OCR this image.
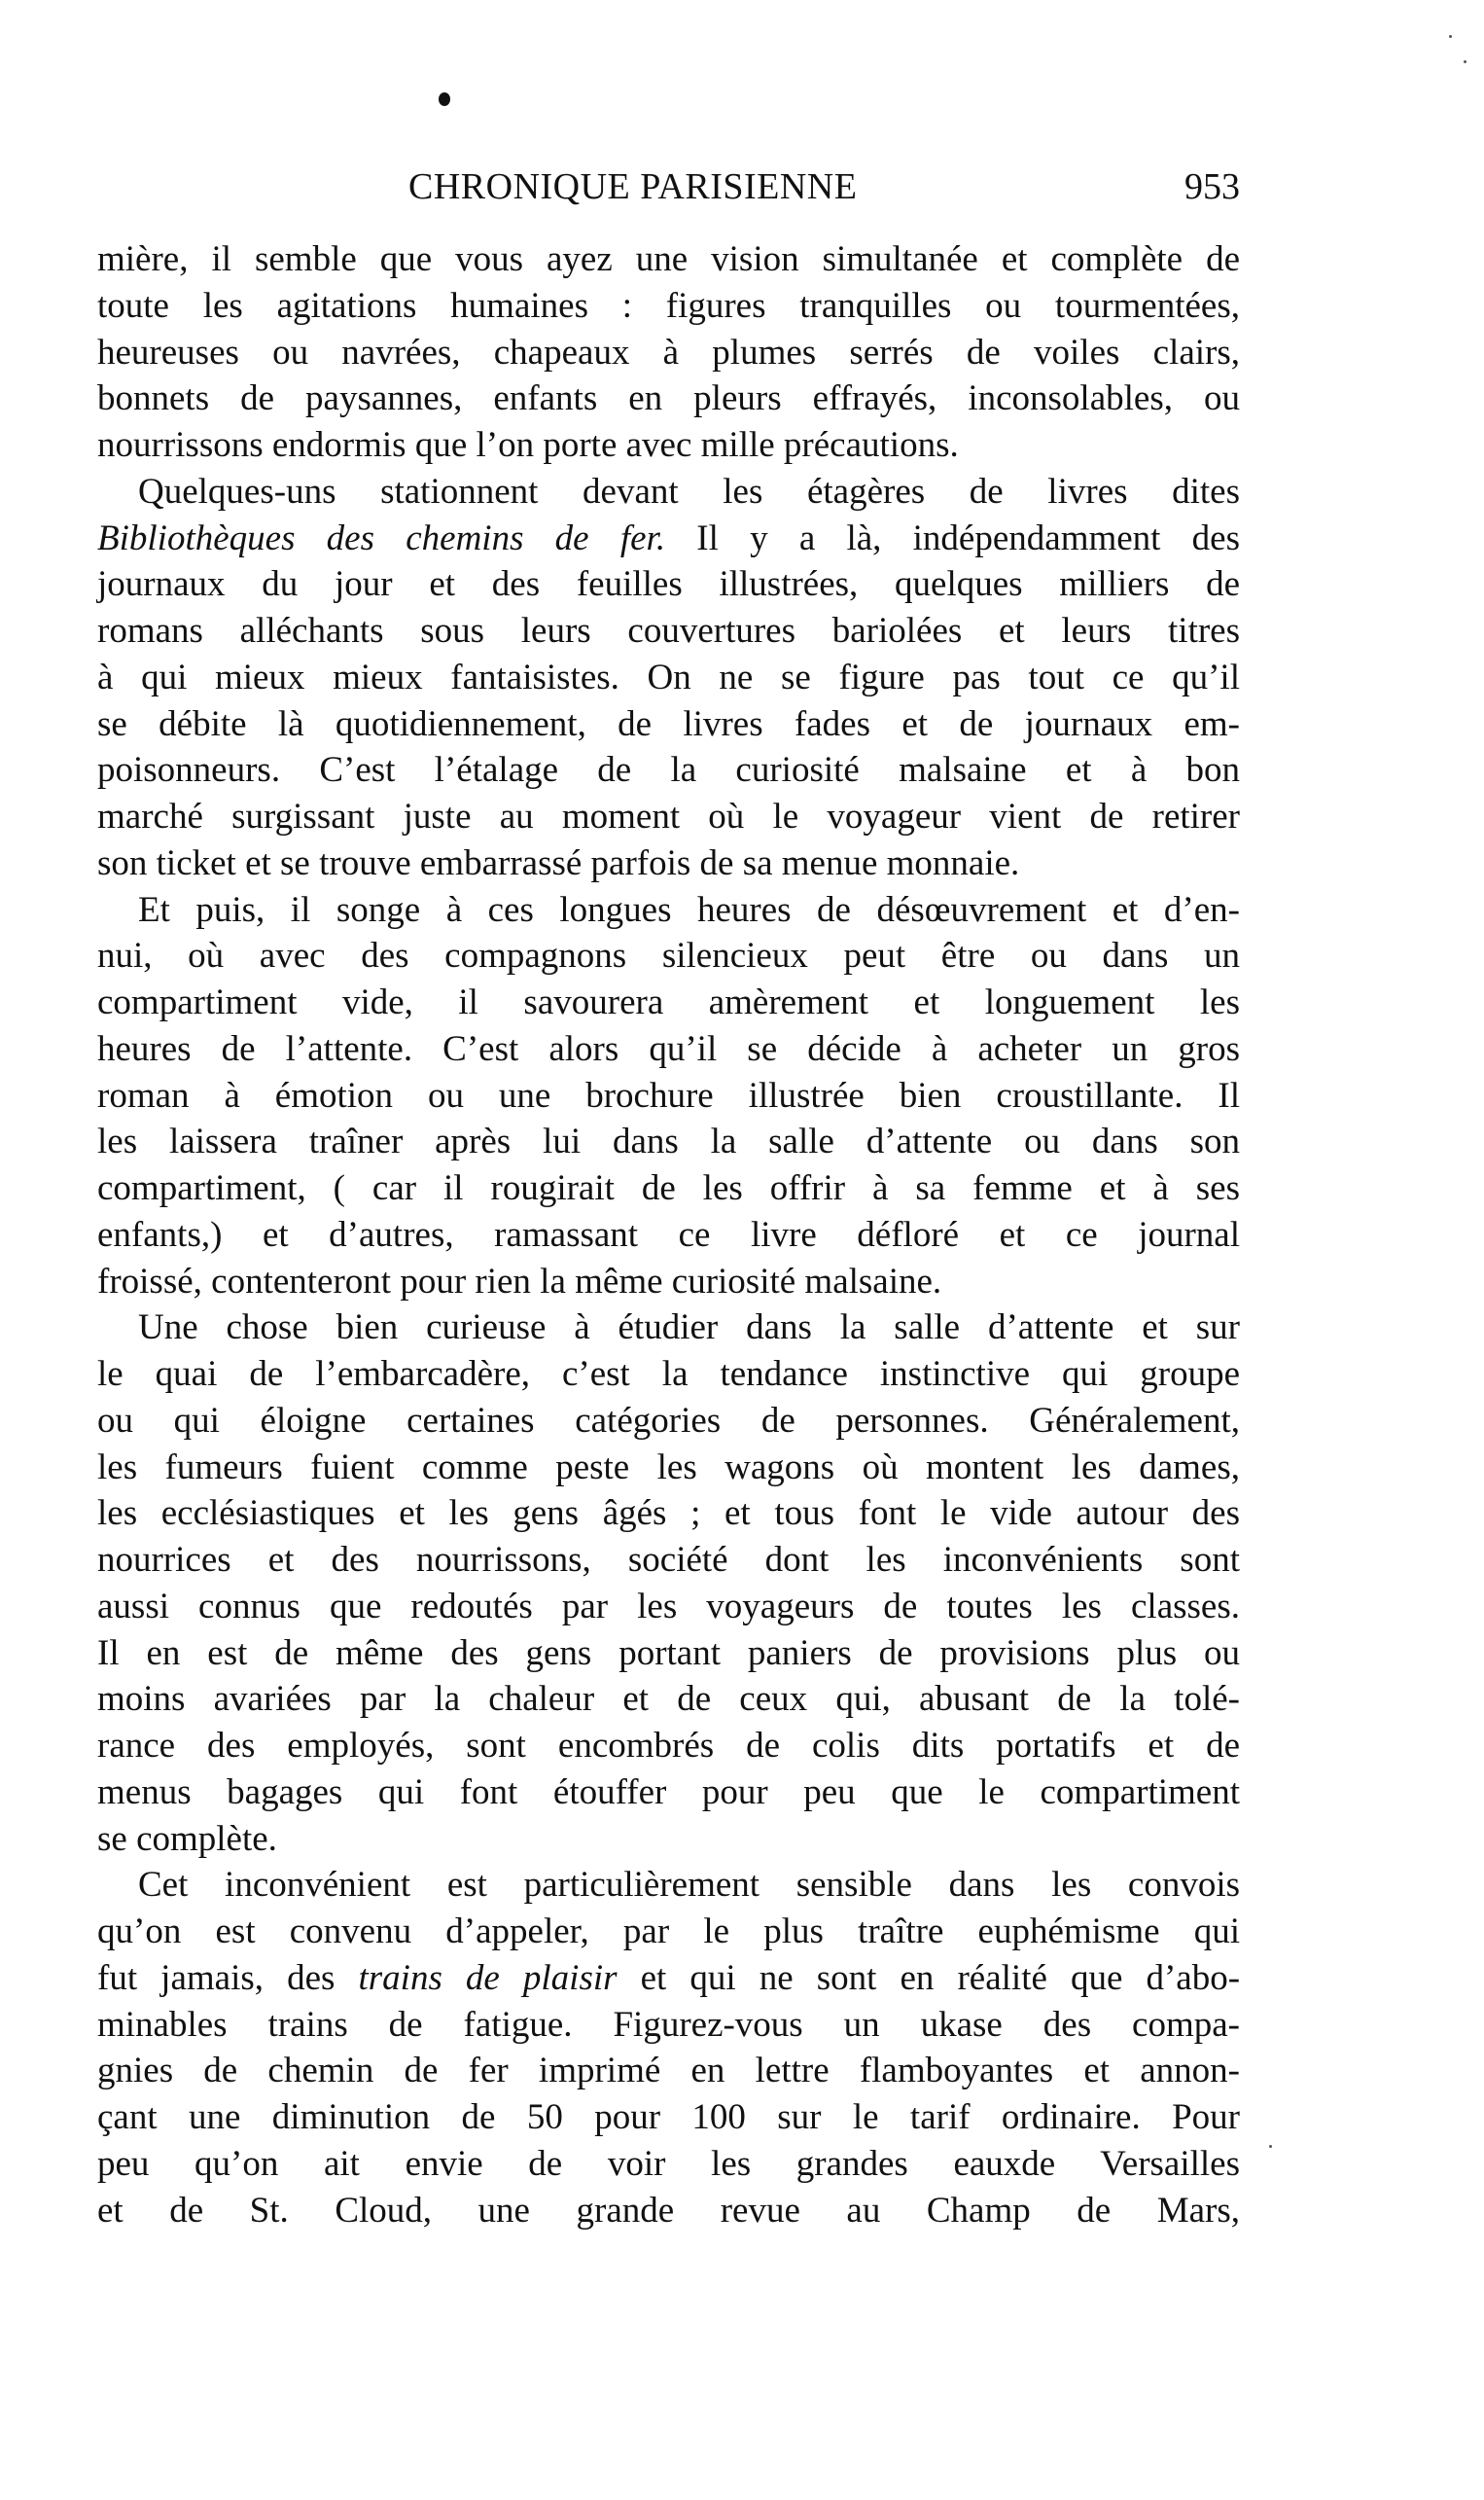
CHRONIQUE PARISIENNE	953
mière, il semble que vous ayez une vision simultanée et complète de
toute les agitations humaines : figures tranquilles ou tourmentées,
heureuses ou navrées, chapeaux à plumes serrés de voiles clairs,
bonnets de paysannes, enfants en pleurs effrayés, inconsolables, ou
nourrissons endormis que l’on porte avec mille précautions.
Quelques-uns stationnent devant les étagères de livres dites
Bibliothèques des chemins de fer. Il y a là, indépendamment des
journaux du jour et des feuilles illustrées, quelques milliers de
romans alléchants sous leurs couvertures bariolées et leurs titres
à qui mieux mieux fantaisistes. On ne se figure pas tout ce qu’il
se débite là quotidiennement, de livres fades et de journaux em-
poisonneurs. C’est l’étalage de la curiosité malsaine et à bon
marché surgissant juste au moment où le voyageur vient de retirer
son ticket et se trouve embarrassé parfois de sa menue monnaie.
Et puis, il songe à ces longues heures de désœuvrement et d’en-
nui, où avec des compagnons silencieux peut être ou dans un
compartiment vide, il savourera amèrement et longuement les
heures de l’attente. C’est alors qu’il se décide à acheter un gros
roman à émotion ou une brochure illustrée bien croustillante. Il
les laissera traîner après lui dans la salle d’attente ou dans son
compartiment, ( car il rougirait de les offrir à sa femme et à ses
enfants,) et d’autres, ramassant ce livre défloré et ce journal
froissé, contenteront pour rien la même curiosité malsaine.
Une chose bien curieuse à étudier dans la salle d’attente et sur
le quai de l’embarcadère, c’est la tendance instinctive qui groupe
ou qui éloigne certaines catégories de personnes. Généralement,
les fumeurs fuient comme peste les wagons où montent les dames,
les ecclésiastiques et les gens âgés ; et tous font le vide autour des
nourrices et des nourrissons, société dont les inconvénients sont
aussi connus que redoutés par les voyageurs de toutes les classes.
Il en est de même des gens portant paniers de provisions plus ou
moins avariées par la chaleur et de ceux qui, abusant de la tolé-
rance des employés, sont encombrés de colis dits portatifs et de
menus bagages qui font étouffer pour peu que le compartiment
se complète.
Cet inconvénient est particulièrement sensible dans les convois
qu’on est convenu d’appeler, par le plus traître euphémisme qui
fut jamais, des trains de plaisir et qui ne sont en réalité que d’abo-
minables trains de fatigue. Figurez-vous un ukase des compa-
gnies de chemin de fer imprimé en lettre flamboyantes et annon-
çant une diminution de 50 pour 100 sur le tarif ordinaire. Pour
peu qu’on ait envie de voir les grandes eauxde Versailles
et de St. Cloud, une grande revue au Champ de Mars,
